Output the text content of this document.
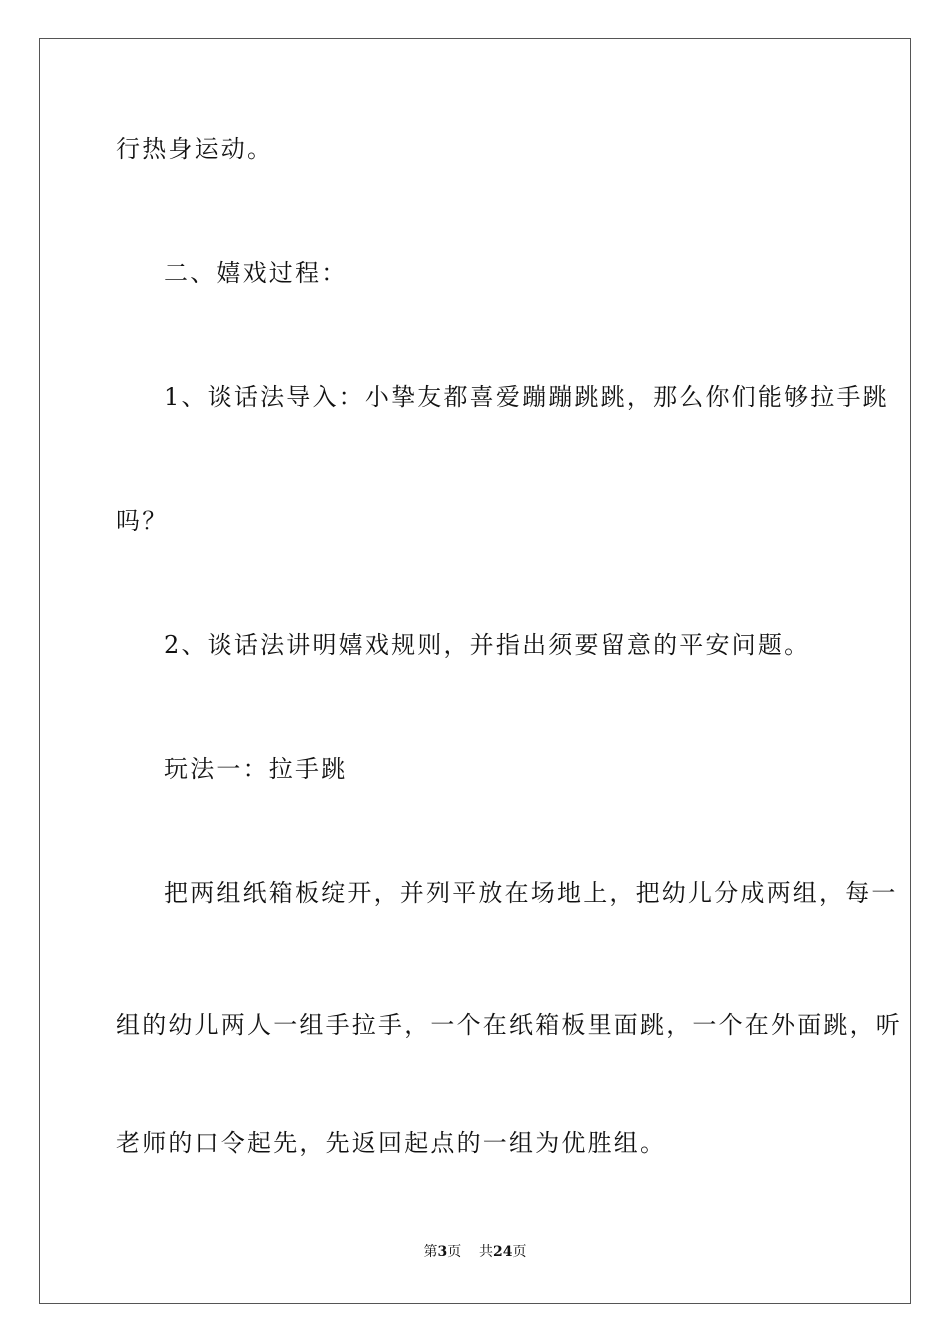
行热身运动。
二、嬉戏过程：
1、谈话法导入：小挚友都喜爱蹦蹦跳跳，那么你们能够拉手跳
吗？
2、谈话法讲明嬉戏规则，并指出须要留意的平安问题。
玩法一：拉手跳
把两组纸箱板绽开，并列平放在场地上，把幼儿分成两组，每一
组的幼儿两人一组手拉手，一个在纸箱板里面跳，一个在外面跳，听
老师的口令起先，先返回起点的一组为优胜组。
第3页 共24页
